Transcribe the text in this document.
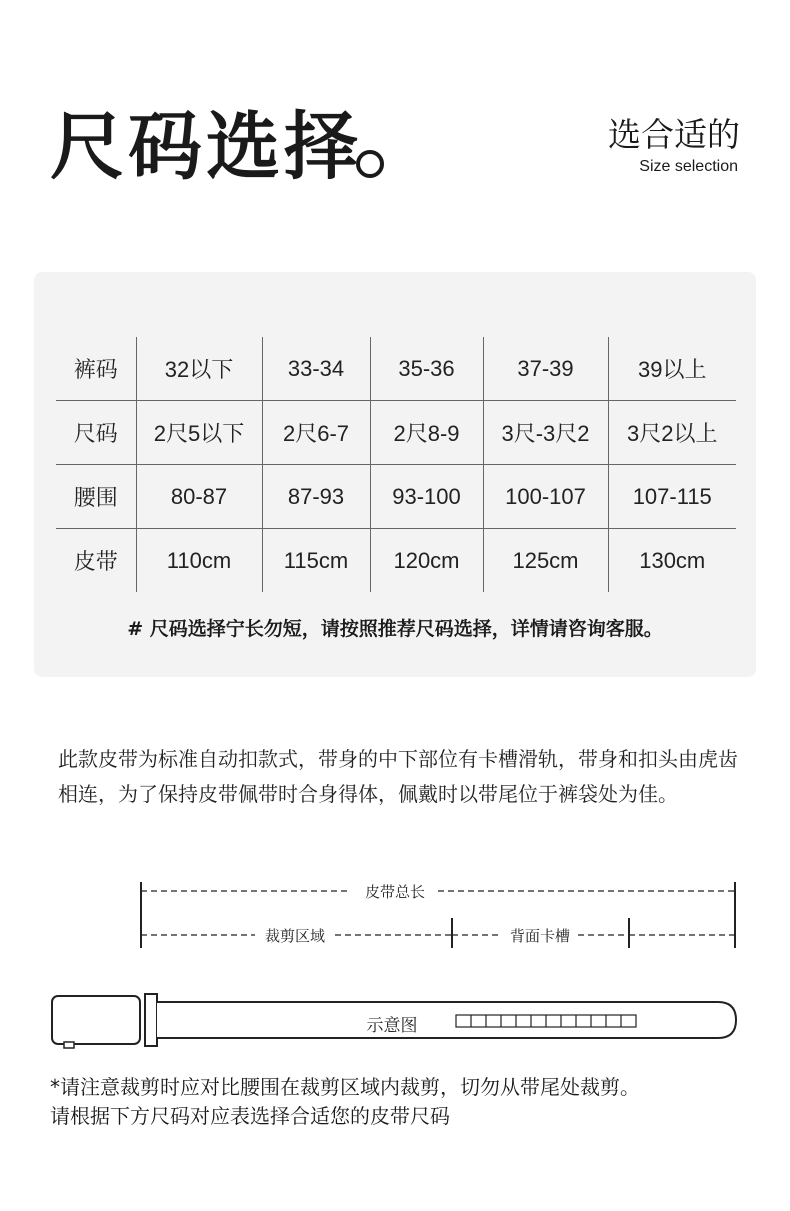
尺码选择	选合适的
Size selection
裤码	32以下	33-34	35-36	37-39	39以上
尺码	2尺5以下	2尺6-7	2尺8-9	3尺-3尺2	3尺2以上
腰围	80-87	87-93	93-100	100-107	107-115
皮带	110cm	115cm	120cm	125cm	130cm
# 尺码选择宁长勿短，请按照推荐尺码选择，详情请咨询客服。
此款皮带为标准自动扣款式，带身的中下部位有卡槽滑轨，带身和扣头由虎齿相连，为了保持皮带佩带时合身得体，佩戴时以带尾位于裤袋处为佳。
皮带总长
裁剪区域	背面卡槽
示意图
*请注意裁剪时应对比腰围在裁剪区域内裁剪，切勿从带尾处裁剪。
请根据下方尺码对应表选择合适您的皮带尺码
